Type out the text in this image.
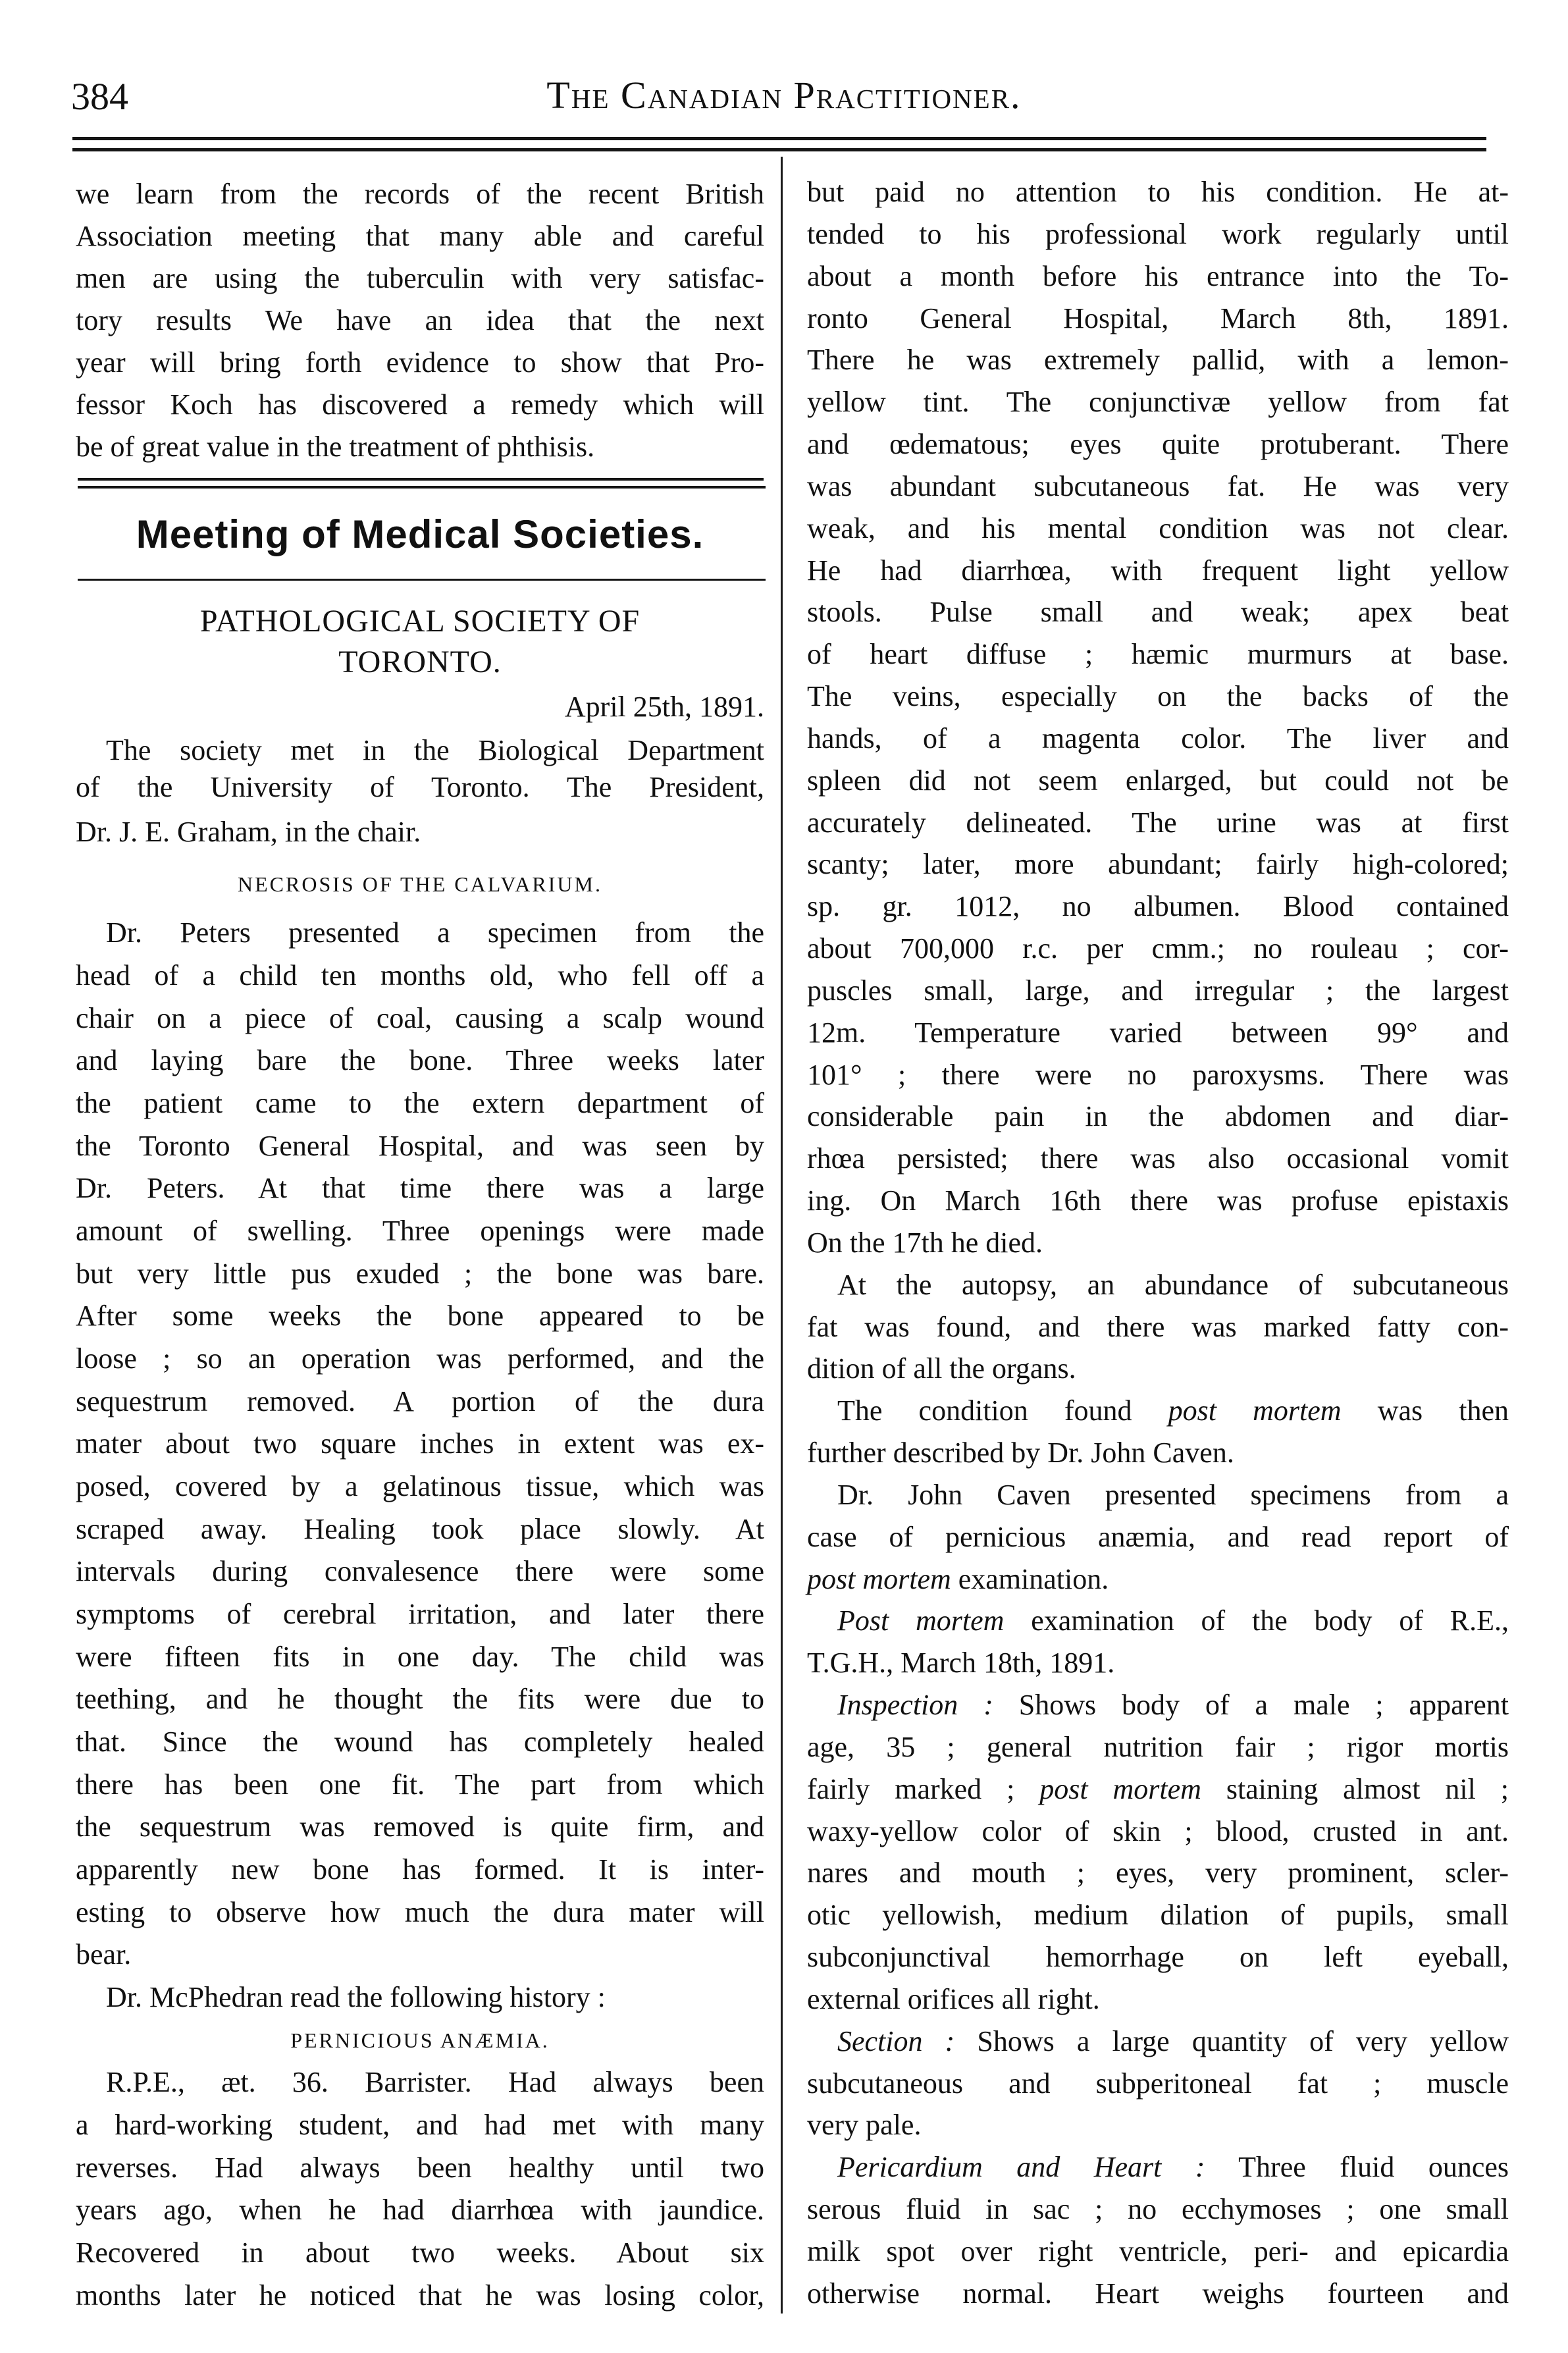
384	The Canadian Practitioner.
we learn from the records of the recent British
Association meeting that many able and careful
men are using the tuberculin with very satisfac-
tory results We have an idea that the next
year will bring forth evidence to show that Pro-
fessor Koch has discovered a remedy which will
be of great value in the treatment of phthisis.
Meeting of Medical Societies.
PATHOLOGICAL SOCIETY OF
TORONTO.
April 25th, 1891.
The society met in the Biological Department
of the University of Toronto. The President,
Dr. J. E. Graham, in the chair.
NECROSIS OF THE CALVARIUM.
Dr. Peters presented a specimen from the
head of a child ten months old, who fell off a
chair on a piece of coal, causing a scalp wound
and laying bare the bone. Three weeks later
the patient came to the extern department of
the Toronto General Hospital, and was seen by
Dr. Peters. At that time there was a large
amount of swelling. Three openings were made
but very little pus exuded ; the bone was bare.
After some weeks the bone appeared to be
loose ; so an operation was performed, and the
sequestrum removed. A portion of the dura
mater about two square inches in extent was ex-
posed, covered by a gelatinous tissue, which was
scraped away. Healing took place slowly. At
intervals during convalesence there were some
symptoms of cerebral irritation, and later there
were fifteen fits in one day. The child was
teething, and he thought the fits were due to
that. Since the wound has completely healed
there has been one fit. The part from which
the sequestrum was removed is quite firm, and
apparently new bone has formed. It is inter-
esting to observe how much the dura mater will
bear.
Dr. McPhedran read the following history :
PERNICIOUS ANÆMIA.
R.P.E., æt. 36. Barrister. Had always been
a hard-working student, and had met with many
reverses. Had always been healthy until two
years ago, when he had diarrhœa with jaundice.
Recovered in about two weeks. About six
months later he noticed that he was losing color,
but paid no attention to his condition. He at-
tended to his professional work regularly until
about a month before his entrance into the To-
ronto General Hospital, March 8th, 1891.
There he was extremely pallid, with a lemon-
yellow tint. The conjunctivæ yellow from fat
and œdematous; eyes quite protuberant. There
was abundant subcutaneous fat. He was very
weak, and his mental condition was not clear.
He had diarrhœa, with frequent light yellow
stools. Pulse small and weak; apex beat
of heart diffuse ; hæmic murmurs at base.
The veins, especially on the backs of the
hands, of a magenta color. The liver and
spleen did not seem enlarged, but could not be
accurately delineated. The urine was at first
scanty; later, more abundant; fairly high-colored;
sp. gr. 1012, no albumen. Blood contained
about 700,000 r.c. per cmm.; no rouleau ; cor-
puscles small, large, and irregular ; the largest
12m. Temperature varied between 99° and
101° ; there were no paroxysms. There was
considerable pain in the abdomen and diar-
rhœa persisted; there was also occasional vomit
ing. On March 16th there was profuse epistaxis
On the 17th he died.
At the autopsy, an abundance of subcutaneous
fat was found, and there was marked fatty con-
dition of all the organs.
The condition found post mortem was then
further described by Dr. John Caven.
Dr. John Caven presented specimens from a
case of pernicious anæmia, and read report of
post mortem examination.
Post mortem examination of the body of R.E.,
T.G.H., March 18th, 1891.
Inspection : Shows body of a male ; apparent
age, 35 ; general nutrition fair ; rigor mortis
fairly marked ; post mortem staining almost nil ;
waxy-yellow color of skin ; blood, crusted in ant.
nares and mouth ; eyes, very prominent, scler-
otic yellowish, medium dilation of pupils, small
subconjunctival hemorrhage on left eyeball,
external orifices all right.
Section : Shows a large quantity of very yellow
subcutaneous and subperitoneal fat ; muscle
very pale.
Pericardium and Heart : Three fluid ounces
serous fluid in sac ; no ecchymoses ; one small
milk spot over right ventricle, peri- and epicardia
otherwise normal. Heart weighs fourteen and
